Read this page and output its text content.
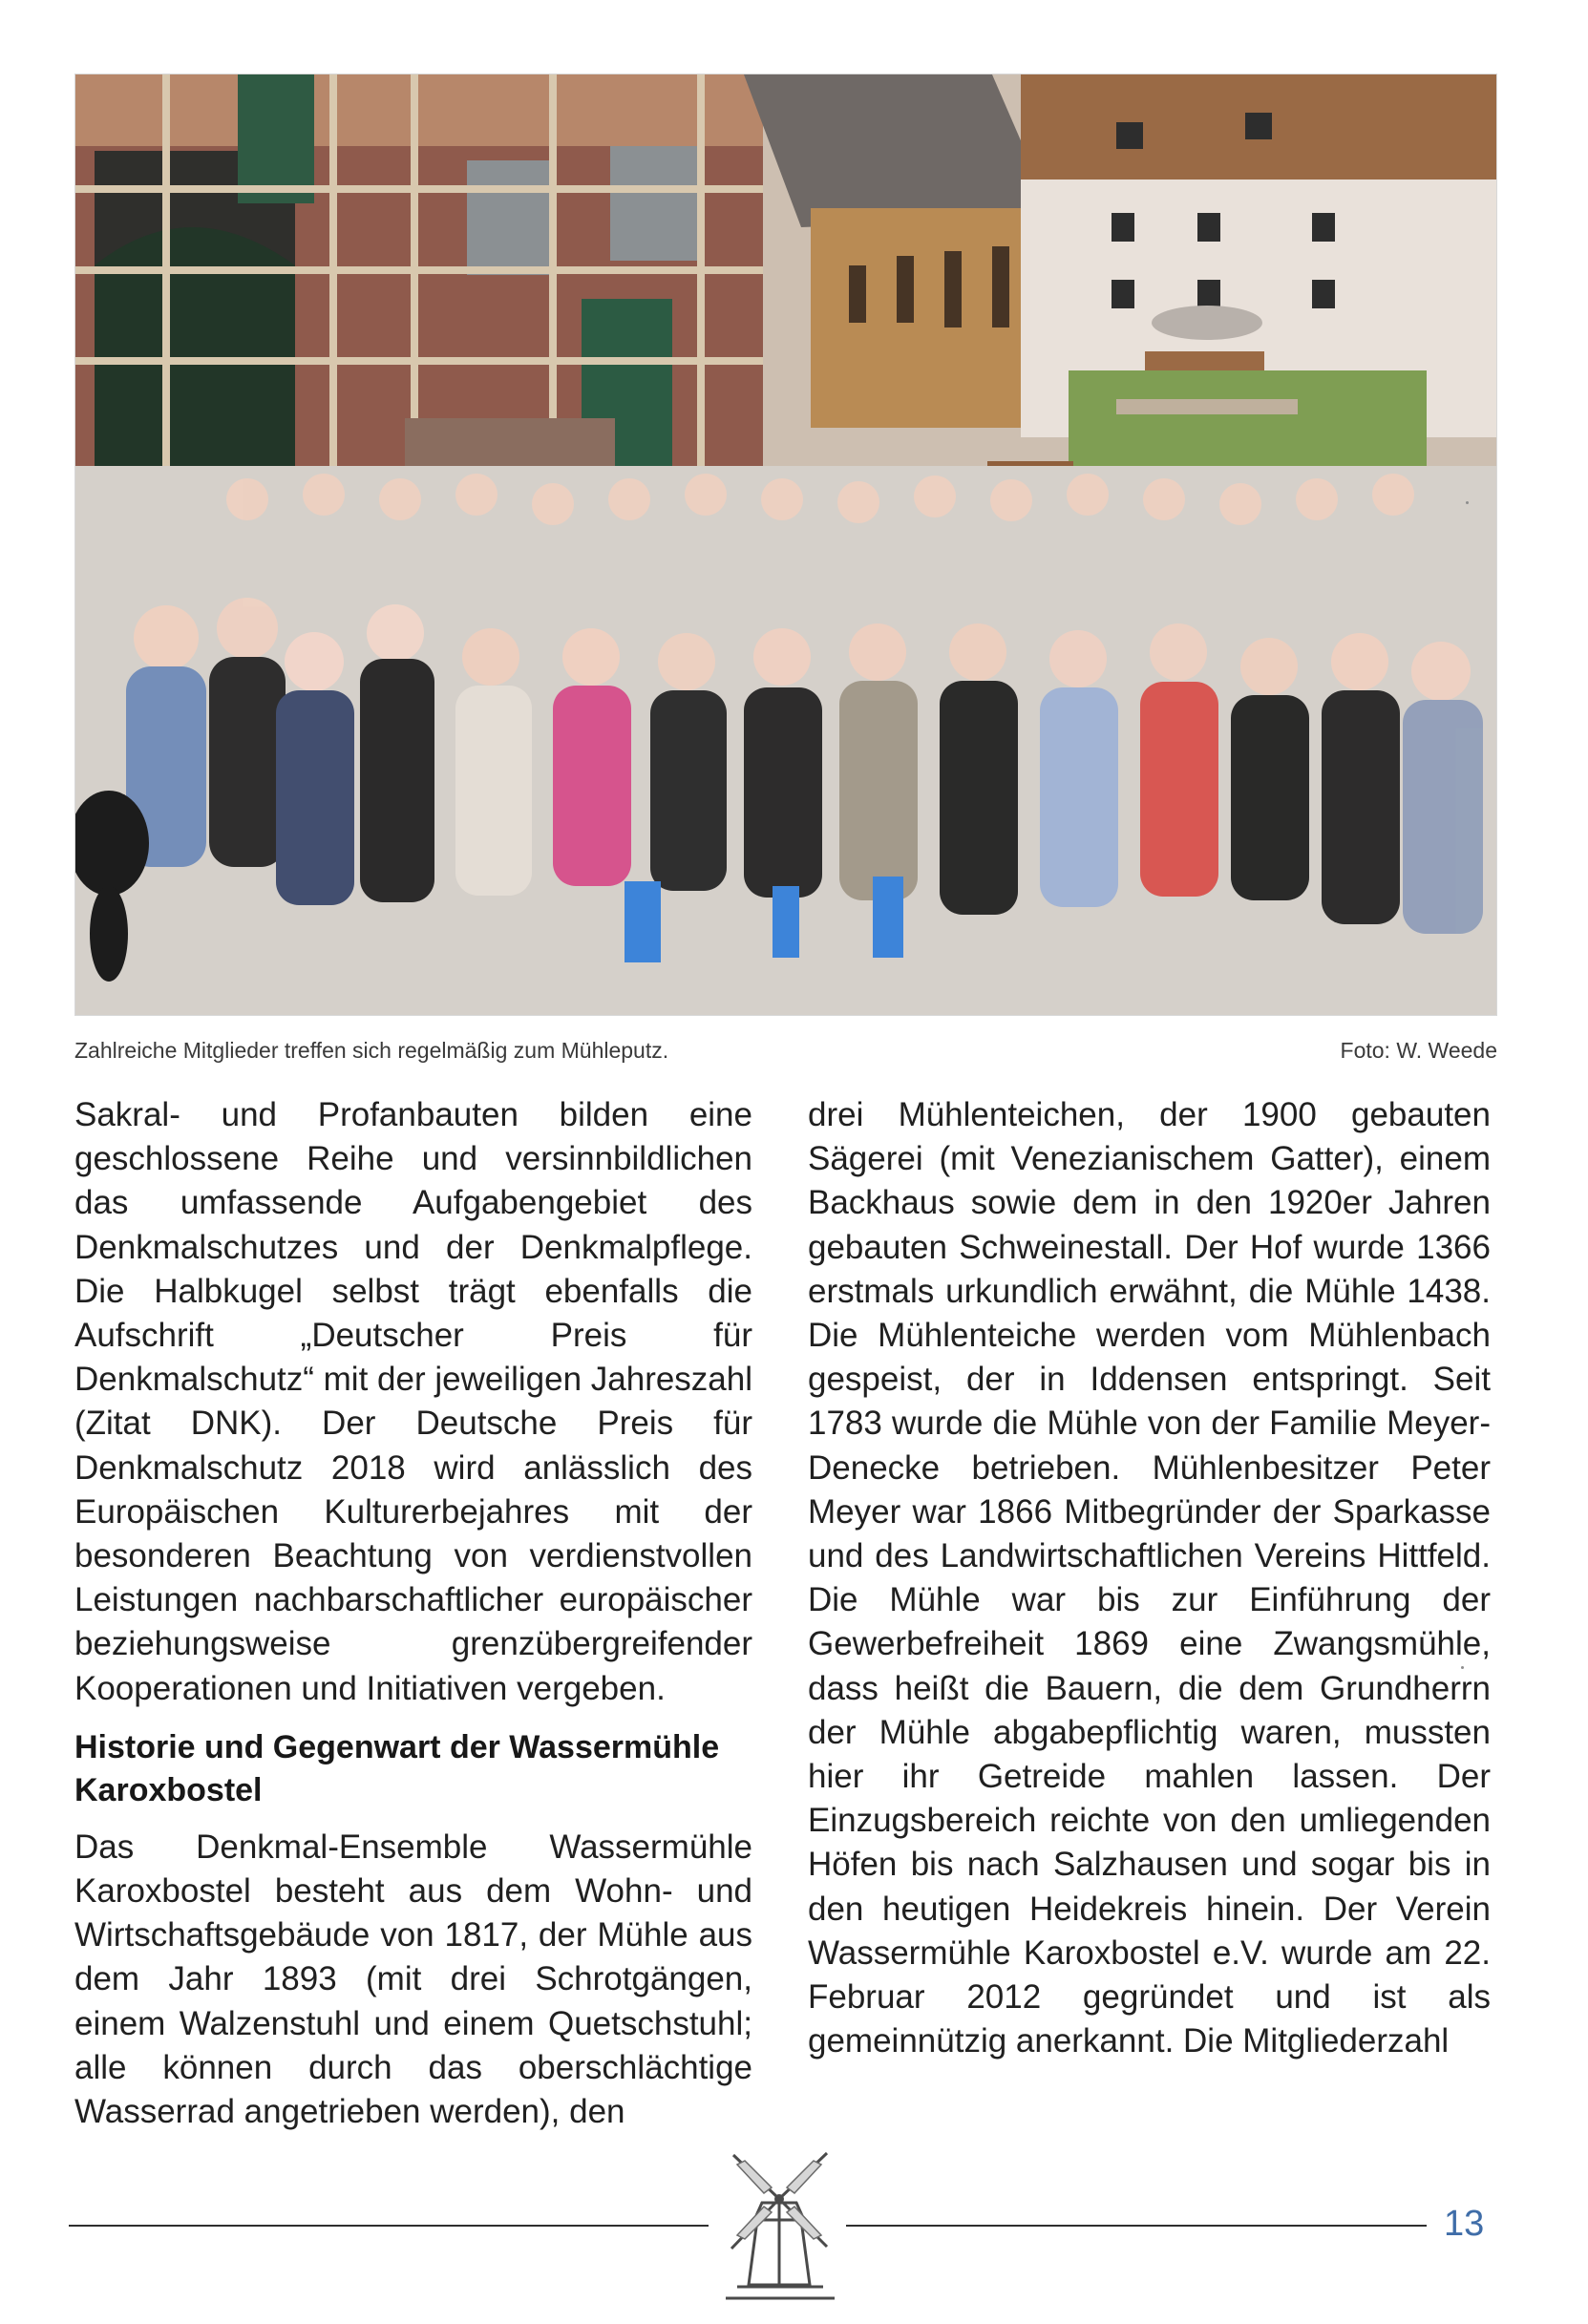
Zahlreiche Mitglieder treffen sich regelmäßig zum Mühleputz.	Foto: W. Weede

Sakral- und Profanbauten bilden eine geschlossene Reihe und versinnbildlichen das umfassende Aufgabengebiet des Denkmalschutzes und der Denkmalpflege. Die Halbkugel selbst trägt ebenfalls die Aufschrift „Deutscher Preis für Denkmalschutz“ mit der jeweiligen Jahreszahl (Zitat DNK). Der Deutsche Preis für Denkmalschutz 2018 wird anlässlich des Europäischen Kulturerbejahres mit der besonderen Beachtung von verdienstvollen Leistungen nachbarschaftlicher europäischer beziehungsweise grenzübergreifender Kooperationen und Initiativen vergeben.

Historie und Gegenwart der Wassermühle Karoxbostel

Das Denkmal-Ensemble Wassermühle Karoxbostel besteht aus dem Wohn- und Wirtschaftsgebäude von 1817, der Mühle aus dem Jahr 1893 (mit drei Schrotgängen, einem Walzenstuhl und einem Quetschstuhl; alle können durch das oberschlächtige Wasserrad angetrieben werden), den

drei Mühlenteichen, der 1900 gebauten Sägerei (mit Venezianischem Gatter), einem Backhaus sowie dem in den 1920er Jahren gebauten Schweinestall. Der Hof wurde 1366 erstmals urkundlich erwähnt, die Mühle 1438. Die Mühlenteiche werden vom Mühlenbach gespeist, der in Iddensen entspringt. Seit 1783 wurde die Mühle von der Familie Meyer-Denecke betrieben. Mühlenbesitzer Peter Meyer war 1866 Mitbegründer der Sparkasse und des Landwirtschaftlichen Vereins Hittfeld. Die Mühle war bis zur Einführung der Gewerbefreiheit 1869 eine Zwangsmühle, dass heißt die Bauern, die dem Grundherrn der Mühle abgabepflichtig waren, mussten hier ihr Getreide mahlen lassen. Der Einzugsbereich reichte von den umliegenden Höfen bis nach Salzhausen und sogar bis in den heutigen Heidekreis hinein. Der Verein Wassermühle Karoxbostel e.V. wurde am 22. Februar 2012 gegründet und ist als gemeinnützig anerkannt. Die Mitgliederzahl

13
